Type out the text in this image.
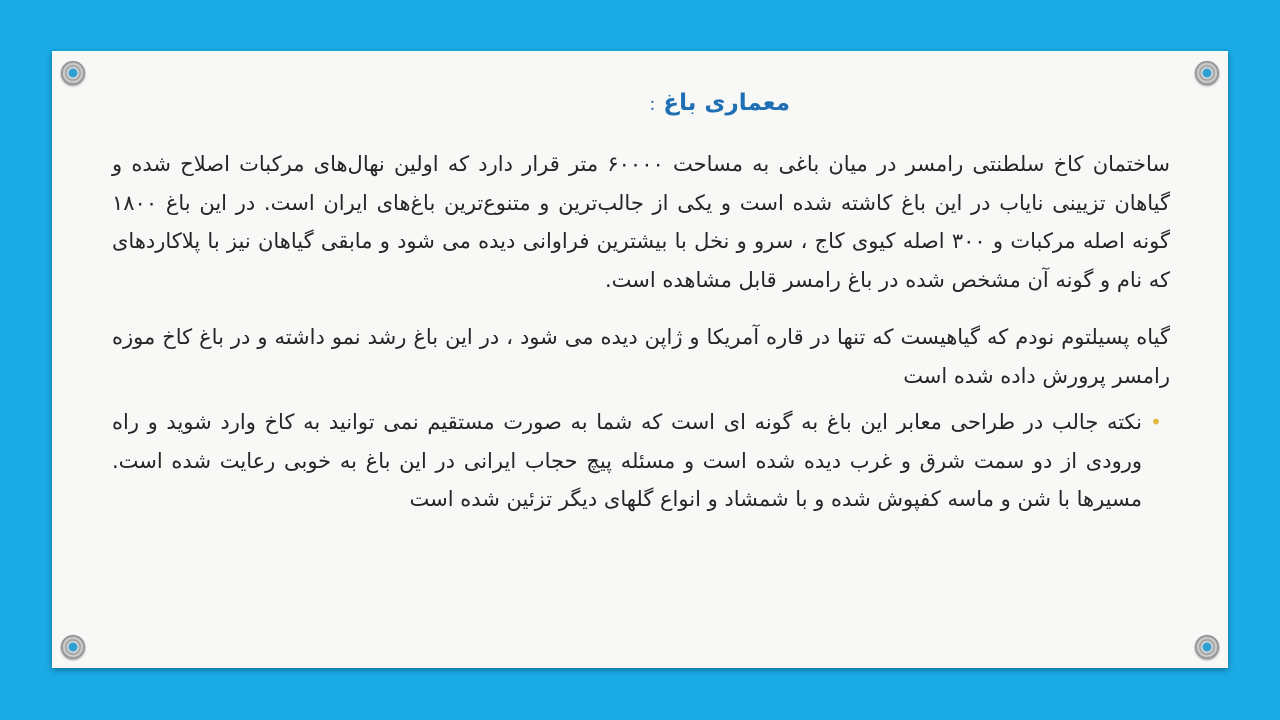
معماری باغ:

ساختمان کاخ سلطنتی رامسر در میان باغی به مساحت ۶۰۰۰۰ متر قرار دارد که اولین نهال‌های مرکبات اصلاح شده و گیاهان تزیینی نایاب در این باغ کاشته شده است و یکی از جالب‌ترین و متنوع‌ترین باغ‌های ایران است. در این باغ ۱۸۰۰ گونه اصله مرکبات و ۳۰۰ اصله کیوی کاج ، سرو و نخل با بیشترین فراوانی دیده می شود و مابقی گیاهان نیز با پلاکاردهای که نام و گونه آن مشخص شده در باغ رامسر قابل مشاهده است.

گیاه پسیلتوم نودم که گیاهیست که تنها در قاره آمریکا و ژاپن دیده می شود ، در این باغ رشد نمو داشته و در باغ کاخ موزه رامسر پرورش داده شده است

•

نکته جالب در طراحی معابر این باغ به گونه ای است که شما به صورت مستقیم نمی توانید به کاخ وارد شوید و راه ورودی از دو سمت شرق و غرب دیده شده است و مسئله پیچ حجاب ایرانی در این باغ به خوبی رعایت شده است. مسیرها با شن و ماسه کفپوش شده و با شمشاد و انواع گلهای دیگر تزئین شده است
